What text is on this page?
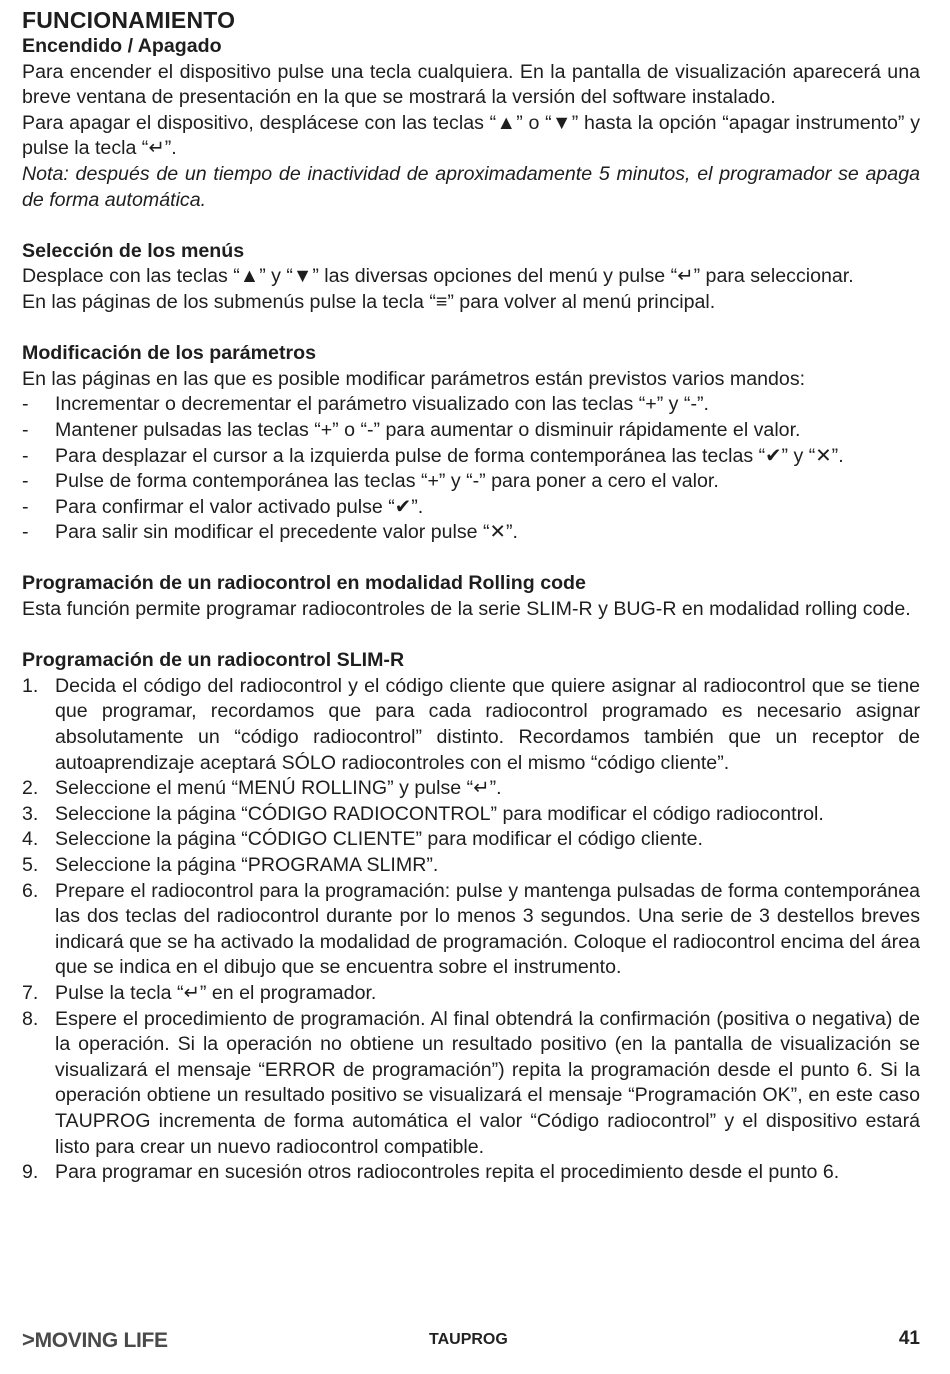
FUNCIONAMIENTO
Encendido / Apagado

Para encender el dispositivo pulse una tecla cualquiera. En la pantalla de visualización aparecerá una breve ventana de presentación en la que se mostrará la versión del software instalado.

Para apagar el dispositivo, desplácese con las teclas “▲” o “▼” hasta la opción “apagar instrumento” y pulse la tecla “↵”.

Nota: después de un tiempo de inactividad de aproximadamente 5 minutos, el programador se apaga de forma automática.

Selección de los menús

Desplace con las teclas “▲” y “▼” las diversas opciones del menú y pulse “↵” para seleccionar.

En las páginas de los submenús pulse la tecla “≡” para volver al menú principal.

Modificación de los parámetros

En las páginas en las que es posible modificar parámetros están previstos varios mandos:

- Incrementar o decrementar el parámetro visualizado con las teclas “+” y “-”.
- Mantener pulsadas las teclas “+” o “-” para aumentar o disminuir rápidamente el valor.
- Para desplazar el cursor a la izquierda pulse de forma contemporánea las teclas “✔” y “✕”.
- Pulse de forma contemporánea las teclas “+” y “-” para poner a cero el valor.
- Para confirmar el valor activado pulse “✔”.
- Para salir sin modificar el precedente valor pulse “✕”.
Programación de un radiocontrol en modalidad Rolling code

Esta función permite programar radiocontroles de la serie SLIM-R y BUG-R en modalidad rolling code.

Programación de un radiocontrol SLIM-R
1. Decida el código del radiocontrol y el código cliente que quiere asignar al radiocontrol que se tiene que programar, recordamos que para cada radiocontrol programado es necesario asignar absolutamente un “código radiocontrol” distinto. Recordamos también que un receptor de autoaprendizaje aceptará SÓLO radiocontroles con el mismo “código cliente”.
2. Seleccione el menú “MENÚ ROLLING” y pulse “↵”.
3. Seleccione la página “CÓDIGO RADIOCONTROL” para modificar el código radiocontrol.
4. Seleccione la página “CÓDIGO CLIENTE” para modificar el código cliente.
5. Seleccione la página “PROGRAMA SLIMR”.
6. Prepare el radiocontrol para la programación: pulse y mantenga pulsadas de forma contemporánea las dos teclas del radiocontrol durante por lo menos 3 segundos. Una serie de 3 destellos breves indicará que se ha activado la modalidad de programación. Coloque el radiocontrol encima del área que se indica en el dibujo que se encuentra sobre el instrumento.
7. Pulse la tecla “↵” en el programador.
8. Espere el procedimiento de programación. Al final obtendrá la confirmación (positiva o negativa) de la operación. Si la operación no obtiene un resultado positivo (en la pantalla de visualización se visualizará el mensaje “ERROR de programación”) repita la programación desde el punto 6. Si la operación obtiene un resultado positivo se visualizará el mensaje “Programación OK”, en este caso TAUPROG incrementa de forma automática el valor “Código radiocontrol” y el dispositivo estará listo para crear un nuevo radiocontrol compatible.
9. Para programar en sucesión otros radiocontroles repita el procedimiento desde el punto 6.
>MOVING LIFE	TAUPROG	41
